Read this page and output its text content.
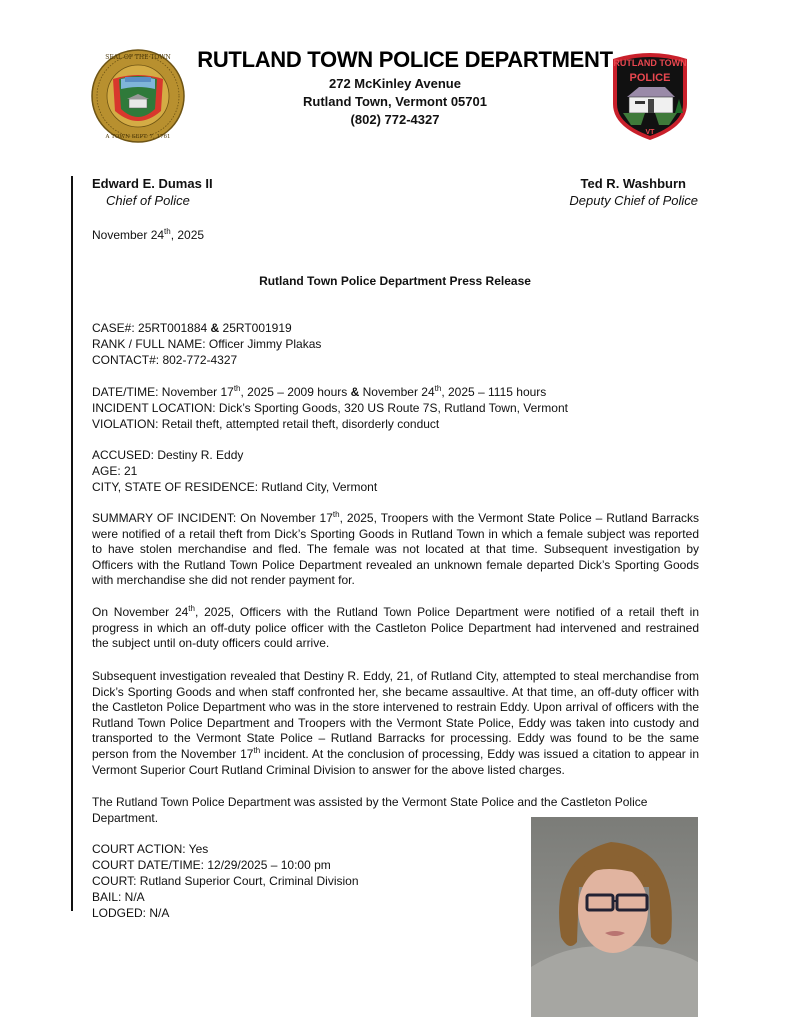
SEAL OF THE TOWN
A TOWN SEPT. 7, 1761
RUTLAND TOWN POLICE DEPARTMENT
272 McKinley Avenue
Rutland Town, Vermont 05701
(802) 772-4327
RUTLAND TOWN
POLICE
VT
Edward E. Dumas II
Chief of Police
Ted R. Washburn
Deputy Chief of Police
November 24th, 2025
Rutland Town Police Department Press Release
CASE#: 25RT001884 & 25RT001919
RANK / FULL NAME: Officer Jimmy Plakas
CONTACT#: 802-772-4327
DATE/TIME: November 17th, 2025 – 2009 hours & November 24th, 2025 – 1115 hours
INCIDENT LOCATION: Dick’s Sporting Goods, 320 US Route 7S, Rutland Town, Vermont
VIOLATION: Retail theft, attempted retail theft, disorderly conduct
ACCUSED: Destiny R. Eddy
AGE: 21
CITY, STATE OF RESIDENCE: Rutland City, Vermont
SUMMARY OF INCIDENT: On November 17th, 2025, Troopers with the Vermont State Police – Rutland Barracks were notified of a retail theft from Dick’s Sporting Goods in Rutland Town in which a female subject was reported to have stolen merchandise and fled. The female was not located at that time. Subsequent investigation by Officers with the Rutland Town Police Department revealed an unknown female departed Dick’s Sporting Goods with merchandise she did not render payment for.
On November 24th, 2025, Officers with the Rutland Town Police Department were notified of a retail theft in progress in which an off-duty police officer with the Castleton Police Department had intervened and restrained the subject until on-duty officers could arrive.
Subsequent investigation revealed that Destiny R. Eddy, 21, of Rutland City, attempted to steal merchandise from Dick’s Sporting Goods and when staff confronted her, she became assaultive. At that time, an off-duty officer with the Castleton Police Department who was in the store intervened to restrain Eddy. Upon arrival of officers with the Rutland Town Police Department and Troopers with the Vermont State Police, Eddy was taken into custody and transported to the Vermont State Police – Rutland Barracks for processing. Eddy was found to be the same person from the November 17th incident. At the conclusion of processing, Eddy was issued a citation to appear in Vermont Superior Court Rutland Criminal Division to answer for the above listed charges.
The Rutland Town Police Department was assisted by the Vermont State Police and the Castleton Police Department.
COURT ACTION: Yes
COURT DATE/TIME: 12/29/2025 – 10:00 pm
COURT: Rutland Superior Court, Criminal Division
BAIL: N/A
LODGED: N/A
